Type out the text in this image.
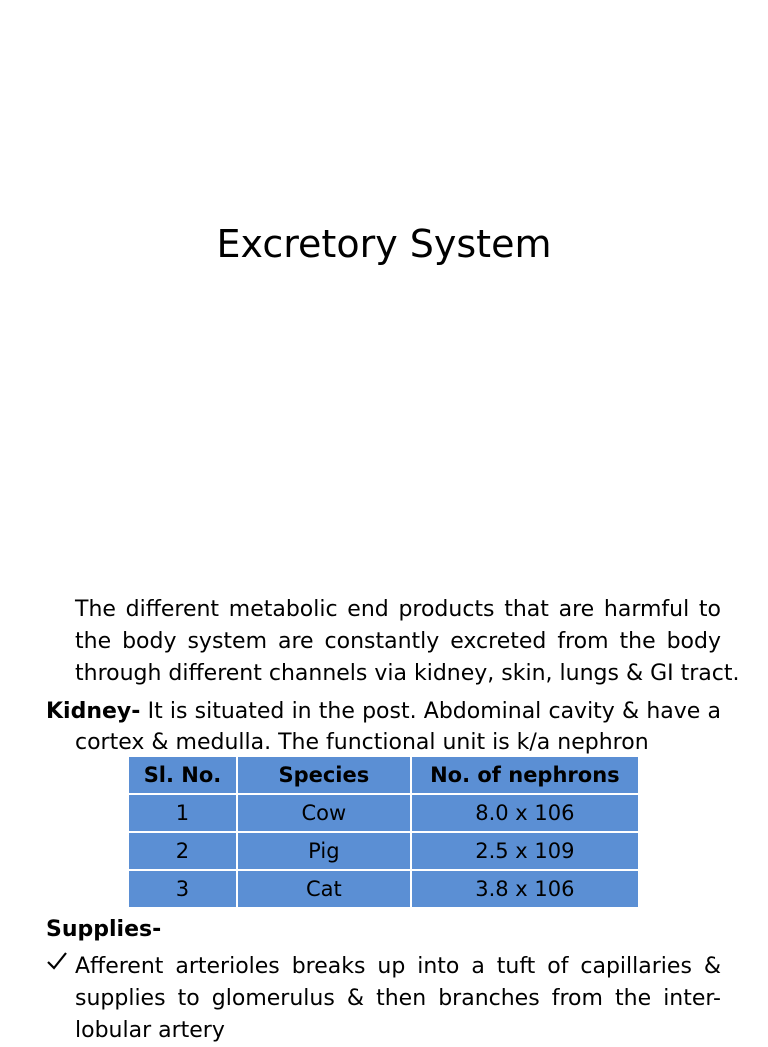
Excretory System
The different metabolic end products that are harmful to
the body system are constantly excreted from the body
through different channels via kidney, skin, lungs & GI tract.
Kidney- It is situated in the post. Abdominal cavity & have a
cortex & medulla. The functional unit is k/a nephron
Sl. No.	Species	No. of nephrons
1	Cow	8.0 x 106
2	Pig	2.5 x 109
3	Cat	3.8 x 106
Supplies-
Afferent arterioles breaks up into a tuft of capillaries &
supplies to glomerulus & then branches from the inter-
lobular artery
